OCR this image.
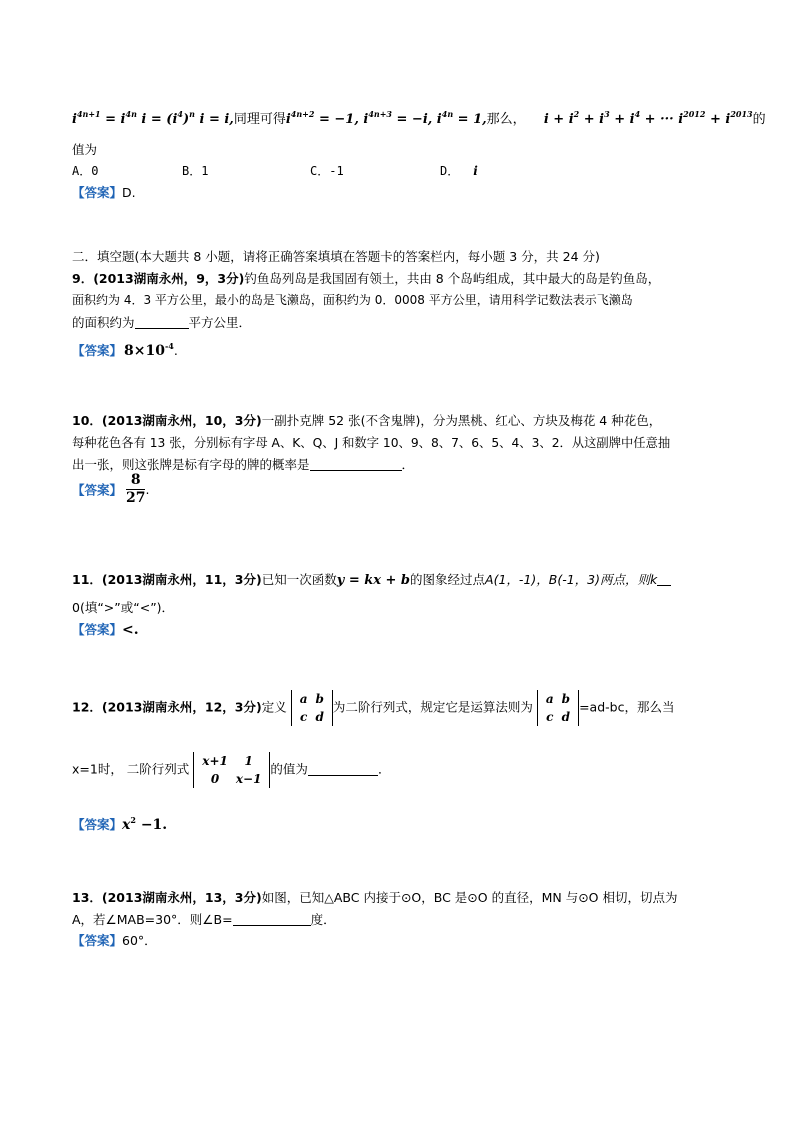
$i^{4n+1} = i^{4n}$ $i = (i^4)^n$ i = i,同理可得$i^{4n+2} = -1$, $i^{4n+3} = -i$, $i^{4n} = 1$,那么， $i + i^2 + i^3 + i^4$ + ··· $i^{2012} + i^{2013}$的
值为
A．0	B．1	C．-1	D． i
【答案】D.
二．填空题(本大题共 8 小题，请将正确答案填填在答题卡的答案栏内，每小题 3 分，共 24 分)
9．(2013湖南永州，9，3分)钓鱼岛列岛是我国固有领土，共由 8 个岛屿组成，其中最大的岛是钓鱼岛，
面积约为 4．3 平方公里，最小的岛是飞濑岛，面积约为 0．0008 平方公里，请用科学记数法表示飞濑岛
的面积约为	平方公里．
【答案】 $8\times 10^{-4}$.
10．(2013湖南永州，10，3分)一副扑克牌 52 张(不含鬼牌)，分为黑桃、红心、方块及梅花 4 种花色，
每种花色各有 13 张，分别标有字母 A、K、Q、J 和数字 10、9、8、7、6、5、4、3、2．从这副牌中任意抽
出一张，则这张牌是标有字母的牌的概率是	．
【答案】 $\frac{8}{27}$ .
11．(2013湖南永州，11，3分)已知一次函数y = kx + b的图象经过点A(1，-1)，B(-1，3)两点，则k
0(填“>”或“<”)．
【答案】<.
12．(2013湖南永州，12，3分)定义
a	b
c	d
为二阶行列式，规定它是运算法则为
a	b
c	d
=ad-bc，那么当
x=1时， 二阶行列式
x+1	1
0	x−1
的值为	．
【答案】$x^2 -1$.
13．(2013湖南永州，13，3分)如图，已知△ABC 内接于⊙O，BC 是⊙O 的直径，MN 与⊙O 相切，切点为
A，若∠MAB=30°．则∠B=	度．
【答案】60°．
